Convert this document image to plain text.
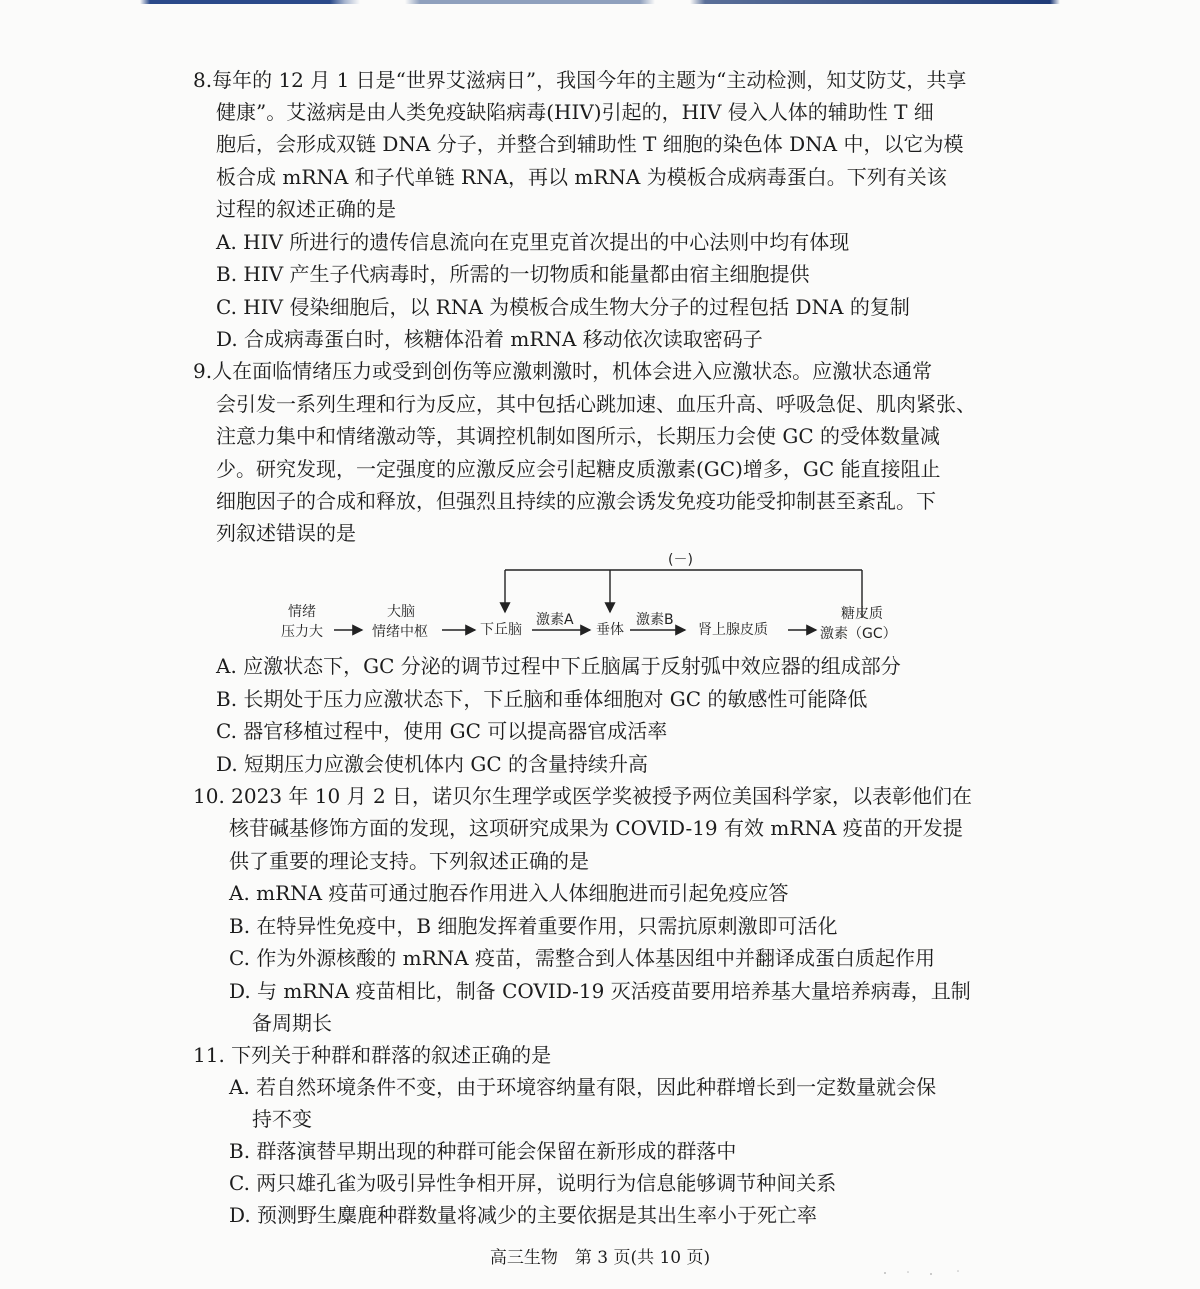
8.每年的 12 月 1 日是“世界艾滋病日”，我国今年的主题为“主动检测，知艾防艾，共享
健康”。艾滋病是由人类免疫缺陷病毒(HIV)引起的，HIV 侵入人体的辅助性 T 细
胞后，会形成双链 DNA 分子，并整合到辅助性 T 细胞的染色体 DNA 中，以它为模
板合成 mRNA 和子代单链 RNA，再以 mRNA 为模板合成病毒蛋白。下列有关该
过程的叙述正确的是
A. HIV 所进行的遗传信息流向在克里克首次提出的中心法则中均有体现
B. HIV 产生子代病毒时，所需的一切物质和能量都由宿主细胞提供
C. HIV 侵染细胞后，以 RNA 为模板合成生物大分子的过程包括 DNA 的复制
D. 合成病毒蛋白时，核糖体沿着 mRNA 移动依次读取密码子
9.人在面临情绪压力或受到创伤等应激刺激时，机体会进入应激状态。应激状态通常
会引发一系列生理和行为反应，其中包括心跳加速、血压升高、呼吸急促、肌肉紧张、
注意力集中和情绪激动等，其调控机制如图所示，长期压力会使 GC 的受体数量减
少。研究发现，一定强度的应激反应会引起糖皮质激素(GC)增多，GC 能直接阻止
细胞因子的合成和释放，但强烈且持续的应激会诱发免疫功能受抑制甚至紊乱。下
列叙述错误的是
(－)
情绪
压力大
大脑
情绪中枢	下丘脑
激素A
垂体
激素B
肾上腺皮质
糖皮质
激素（GC）
A. 应激状态下，GC 分泌的调节过程中下丘脑属于反射弧中效应器的组成部分
B. 长期处于压力应激状态下，下丘脑和垂体细胞对 GC 的敏感性可能降低
C. 器官移植过程中，使用 GC 可以提高器官成活率
D. 短期压力应激会使机体内 GC 的含量持续升高
10. 2023 年 10 月 2 日，诺贝尔生理学或医学奖被授予两位美国科学家，以表彰他们在
核苷碱基修饰方面的发现，这项研究成果为 COVID-19 有效 mRNA 疫苗的开发提
供了重要的理论支持。下列叙述正确的是
A. mRNA 疫苗可通过胞吞作用进入人体细胞进而引起免疫应答
B. 在特异性免疫中，B 细胞发挥着重要作用，只需抗原刺激即可活化
C. 作为外源核酸的 mRNA 疫苗，需整合到人体基因组中并翻译成蛋白质起作用
D. 与 mRNA 疫苗相比，制备 COVID-19 灭活疫苗要用培养基大量培养病毒，且制
备周期长
11. 下列关于种群和群落的叙述正确的是
A. 若自然环境条件不变，由于环境容纳量有限，因此种群增长到一定数量就会保
持不变
B. 群落演替早期出现的种群可能会保留在新形成的群落中
C. 两只雄孔雀为吸引异性争相开屏，说明行为信息能够调节种间关系
D. 预测野生麋鹿种群数量将减少的主要依据是其出生率小于死亡率
高三生物　第 3 页(共 10 页)
